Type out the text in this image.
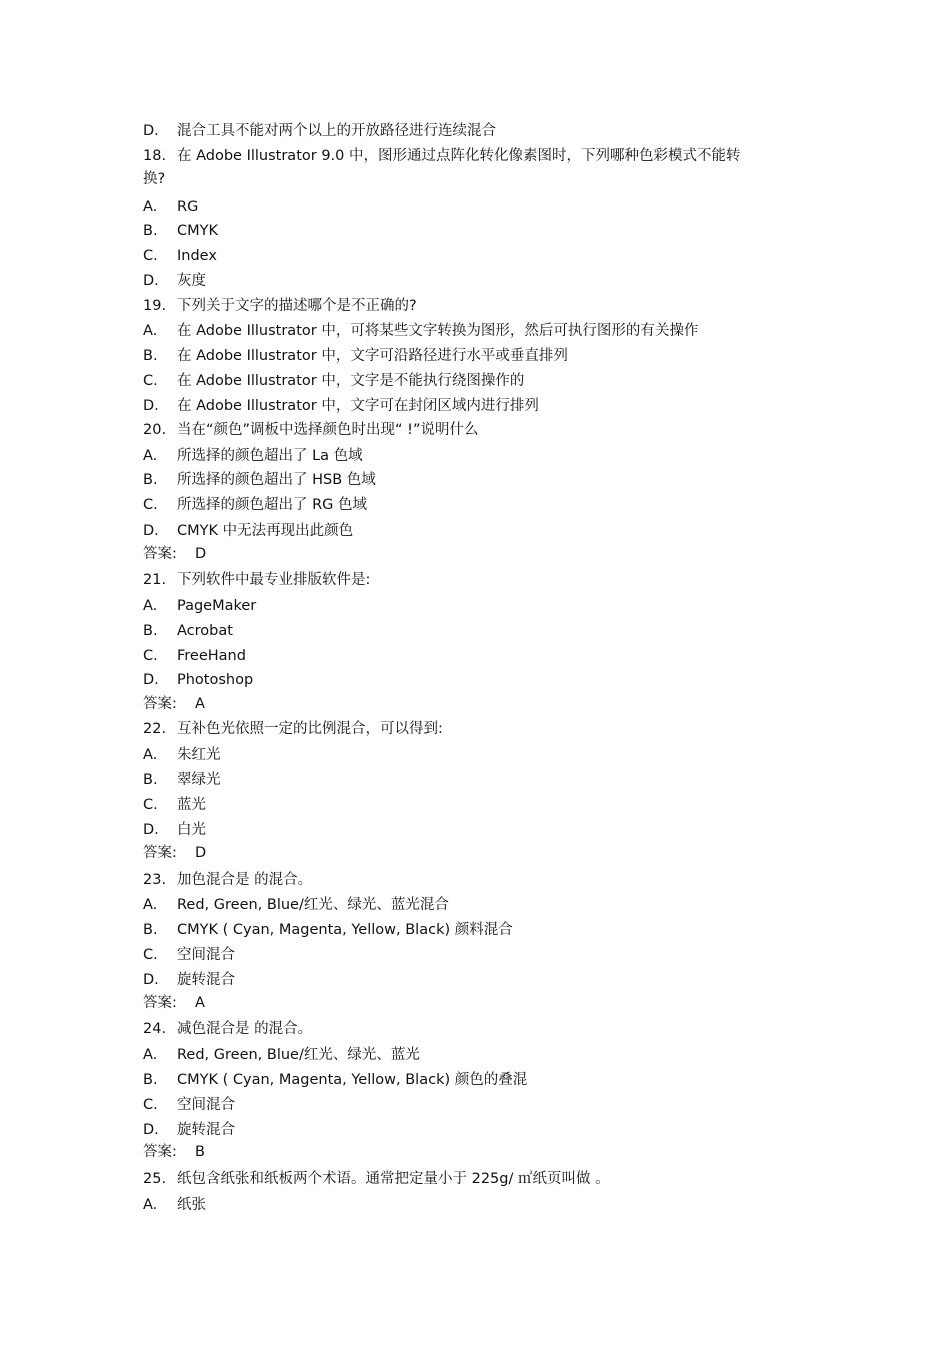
D. 混合工具不能对两个以上的开放路径进行连续混合
18. 在 Adobe Illustrator 9.0 中，图形通过点阵化转化像素图时，下列哪种色彩模式不能转
换?
A. RG
B. CMYK
C. Index
D. 灰度
19. 下列关于文字的描述哪个是不正确的?
A. 在 Adobe Illustrator 中，可将某些文字转换为图形，然后可执行图形的有关操作
B. 在 Adobe Illustrator 中，文字可沿路径进行水平或垂直排列
C. 在 Adobe Illustrator 中，文字是不能执行绕图操作的
D. 在 Adobe Illustrator 中，文字可在封闭区域内进行排列
20. 当在“颜色”调板中选择颜色时出现“ !”说明什么
A. 所选择的颜色超出了 La 色域
B. 所选择的颜色超出了 HSB 色域
C. 所选择的颜色超出了 RG 色域
D. CMYK 中无法再现出此颜色
答案: D
21. 下列软件中最专业排版软件是:
A. PageMaker
B. Acrobat
C. FreeHand
D. Photoshop
答案: A
22. 互补色光依照一定的比例混合，可以得到:
A. 朱红光
B. 翠绿光
C. 蓝光
D. 白光
答案: D
23. 加色混合是 的混合。
A. Red, Green, Blue/红光、绿光、蓝光混合
B. CMYK ( Cyan, Magenta, Yellow, Black) 颜料混合
C. 空间混合
D. 旋转混合
答案: A
24. 减色混合是 的混合。
A. Red, Green, Blue/红光、绿光、蓝光
B. CMYK ( Cyan, Magenta, Yellow, Black) 颜色的叠混
C. 空间混合
D. 旋转混合
答案: B
25. 纸包含纸张和纸板两个术语。通常把定量小于 225g/ ㎡纸页叫做 。
A. 纸张
